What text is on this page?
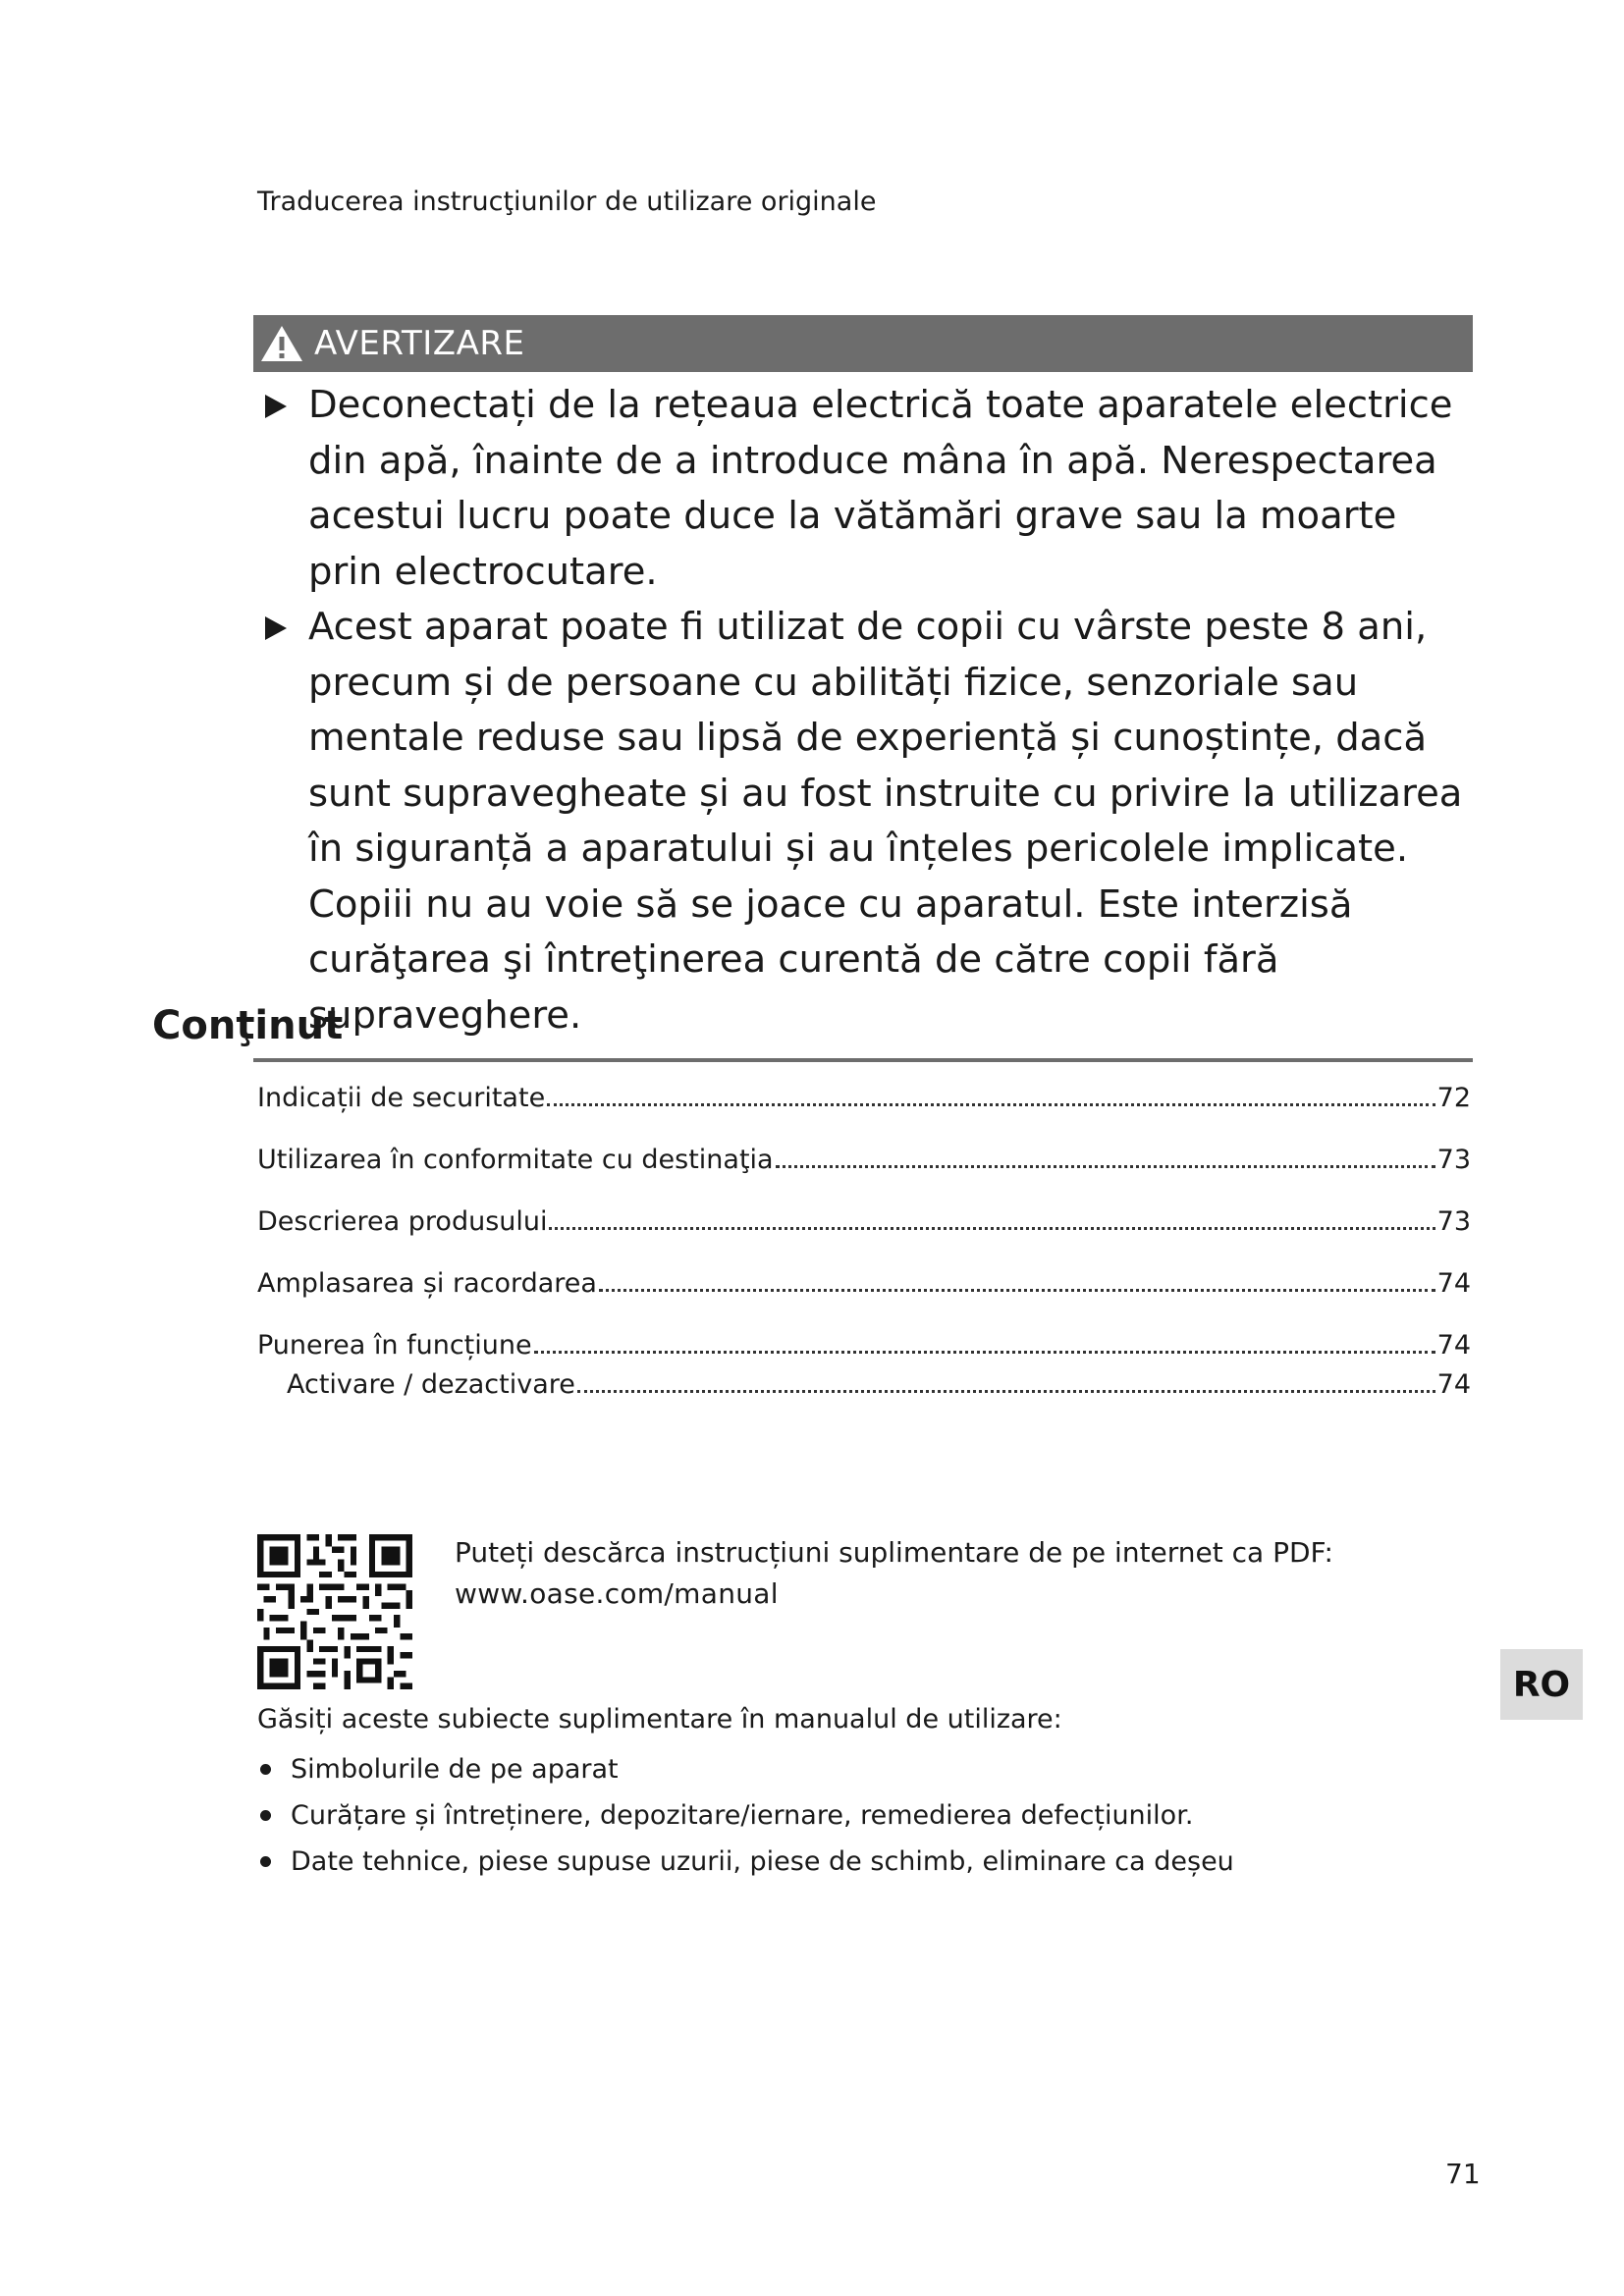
Traducerea instrucţiunilor de utilizare originale
AVERTIZARE
Deconectați de la rețeaua electrică toate aparatele electrice din apă, înainte de a introduce mâna în apă. Nerespectarea acestui lucru poate duce la vătămări grave sau la moarte prin electrocutare.
Acest aparat poate fi utilizat de copii cu vârste peste 8 ani, precum și de persoane cu abilități fizice, senzoriale sau mentale reduse sau lipsă de experiență și cunoștințe, dacă sunt supravegheate și au fost instruite cu privire la utilizarea în siguranță a aparatului și au înțeles pericolele implicate. Copiii nu au voie să se joace cu aparatul. Este interzisă curăţarea şi întreţinerea curentă de către copii fără supraveghere.
Conţinut
Indicații de securitate	72
Utilizarea în conformitate cu destinaţia	73
Descrierea produsului	73
Amplasarea și racordarea	74
Punerea în funcțiune	74
Activare / dezactivare	74
Puteți descărca instrucțiuni suplimentare de pe internet ca PDF:
www.oase.com/manual
Găsiți aceste subiecte suplimentare în manualul de utilizare:
Simbolurile de pe aparat
Curățare și întreținere, depozitare/iernare, remedierea defecțiunilor.
Date tehnice, piese supuse uzurii, piese de schimb, eliminare ca deșeu
RO
71
